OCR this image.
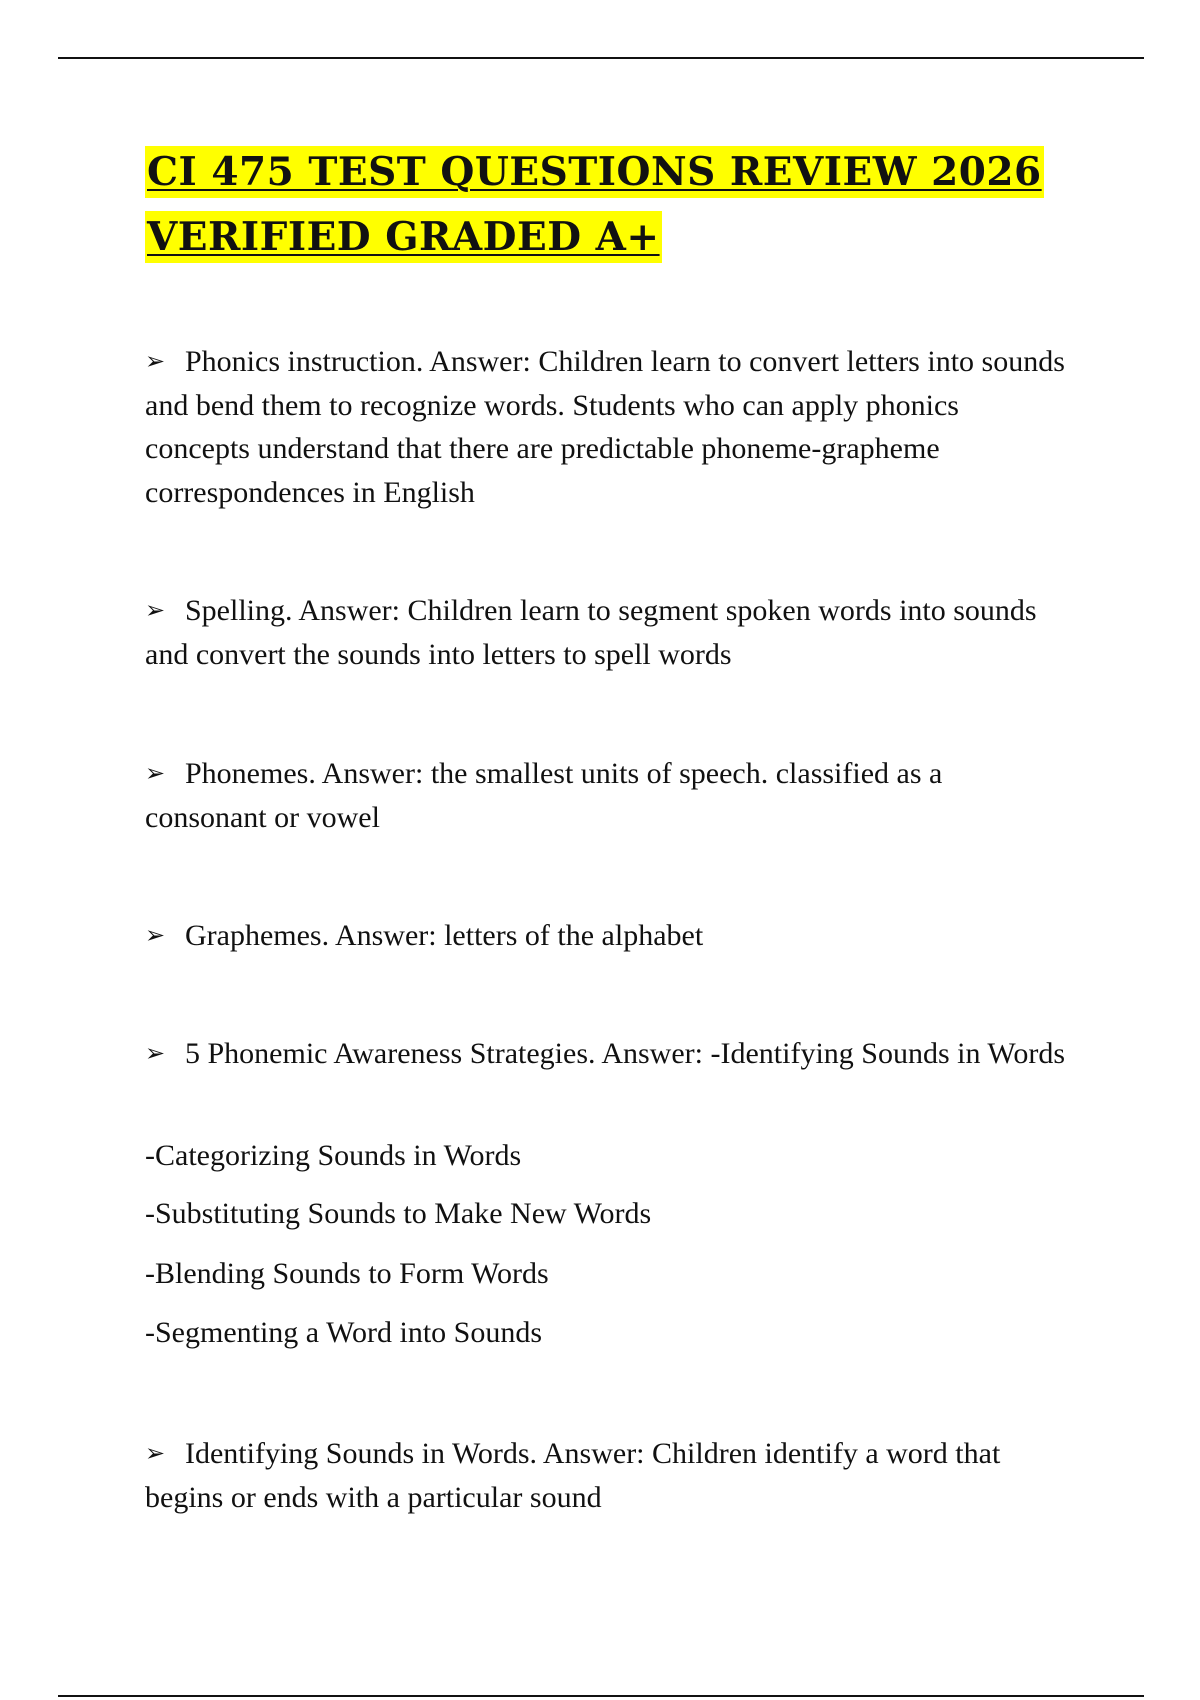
CI 475 TEST QUESTIONS REVIEW 2026
VERIFIED GRADED A+

➢ Phonics instruction. Answer: Children learn to convert letters into sounds and bend them to recognize words. Students who can apply phonics concepts understand that there are predictable phoneme-grapheme correspondences in English

➢ Spelling. Answer: Children learn to segment spoken words into sounds and convert the sounds into letters to spell words

➢ Phonemes. Answer: the smallest units of speech. classified as a consonant or vowel

➢ Graphemes. Answer: letters of the alphabet

➢ 5 Phonemic Awareness Strategies. Answer: -Identifying Sounds in Words

-Categorizing Sounds in Words

-Substituting Sounds to Make New Words

-Blending Sounds to Form Words

-Segmenting a Word into Sounds

➢ Identifying Sounds in Words. Answer: Children identify a word that begins or ends with a particular sound
